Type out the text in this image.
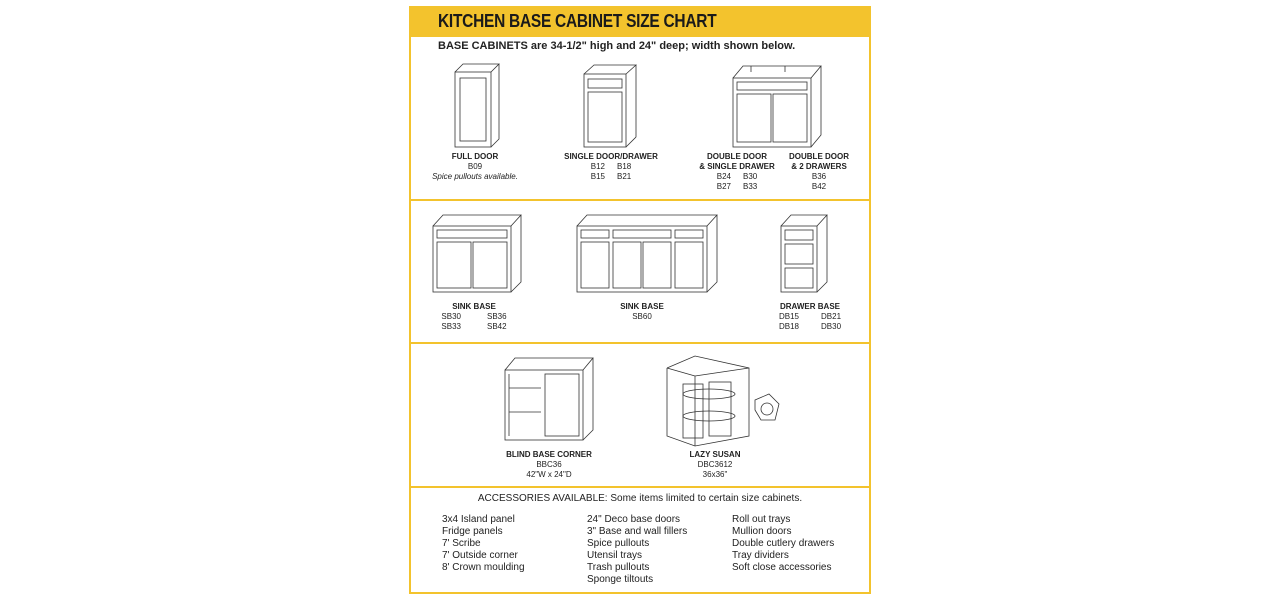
KITCHEN BASE CABINET SIZE CHART
BASE CABINETS are 34-1/2" high and 24" deep; width shown below.
FULL DOOR
B09
Spice pullouts available.
SINGLE DOOR/DRAWER
B12 B18
B15 B21
DOUBLE DOOR
& SINGLE DRAWER
B24 B30
B27 B33
DOUBLE DOOR
& 2 DRAWERS
B36
B42
SINK BASE
SB30	SB36
SB33	SB42
SINK BASE
SB60
DRAWER BASE
DB15	DB21
DB18	DB30
BLIND BASE CORNER
BBC36
42"W x 24"D
LAZY SUSAN
DBC3612
36x36"
ACCESSORIES AVAILABLE: Some items limited to certain size cabinets.
3x4 Island panel
Fridge panels
7' Scribe
7' Outside corner
8' Crown moulding
24" Deco base doors
3" Base and wall fillers
Spice pullouts
Utensil trays
Trash pullouts
Sponge tiltouts
Roll out trays
Mullion doors
Double cutlery drawers
Tray dividers
Soft close accessories
